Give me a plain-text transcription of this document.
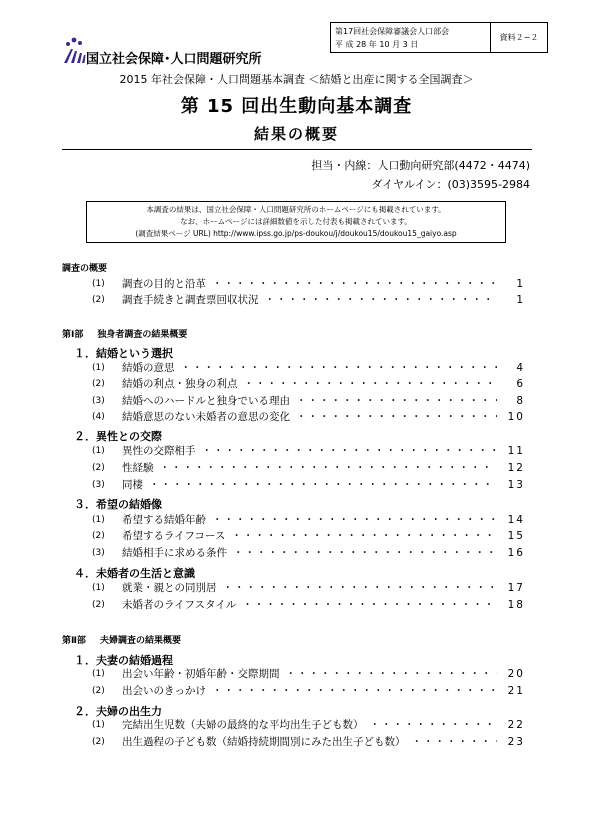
第17回社会保障審議会人口部会
平 成 28 年 10 月 3 日
資料２−２
国立社会保障･人口問題研究所
2015 年社会保障・人口問題基本調査 ＜結婚と出産に関する全国調査＞
第 15 回出生動向基本調査
結果の概要
担当・内線：人口動向研究部(4472・4474)
ダイヤルイン：(03)3595-2984
本調査の結果は、国立社会保障・人口問題研究所のホームページにも掲載されています。
なお、ホームページには詳細数値を示した付表も掲載されています。
(調査結果ページ URL) http://www.ipss.go.jp/ps-doukou/j/doukou15/doukou15_gaiyo.asp
調査の概要
(1)	調査の目的と沿革 ・・・・・・・・・・・・・・・・・・・・・・・・・・・・・・・・・・・・・・・・・・・・・・・・・・・・・・・・・・・・	1
(2)	調査手続きと調査票回収状況 ・・・・・・・・・・・・・・・・・・・・・・・・・・・・・・・・・・・・・・・・・・・・・・・・・・・・・・・・・・・・	1
第Ⅰ部 独身者調査の結果概要
１．結婚という選択
(1)	結婚の意思 ・・・・・・・・・・・・・・・・・・・・・・・・・・・・・・・・・・・・・・・・・・・・・・・・・・・・・・・・・・・・	4
(2)	結婚の利点・独身の利点 ・・・・・・・・・・・・・・・・・・・・・・・・・・・・・・・・・・・・・・・・・・・・・・・・・・・・・・・・・・・・	6
(3)	結婚へのハードルと独身でいる理由 ・・・・・・・・・・・・・・・・・・・・・・・・・・・・・・・・・・・・・・・・・・・・・・・・・・・・・・・・・・・・	8
(4)	結婚意思のない未婚者の意思の変化 ・・・・・・・・・・・・・・・・・・・・・・・・・・・・・・・・・・・・・・・・・・・・・・・・・・・・・・・・・・・・	10
２．異性との交際
(1)	異性の交際相手 ・・・・・・・・・・・・・・・・・・・・・・・・・・・・・・・・・・・・・・・・・・・・・・・・・・・・・・・・・・・・	11
(2)	性経験 ・・・・・・・・・・・・・・・・・・・・・・・・・・・・・・・・・・・・・・・・・・・・・・・・・・・・・・・・・・・・	12
(3)	同棲 ・・・・・・・・・・・・・・・・・・・・・・・・・・・・・・・・・・・・・・・・・・・・・・・・・・・・・・・・・・・・	13
３．希望の結婚像
(1)	希望する結婚年齢 ・・・・・・・・・・・・・・・・・・・・・・・・・・・・・・・・・・・・・・・・・・・・・・・・・・・・・・・・・・・・	14
(2)	希望するライフコース ・・・・・・・・・・・・・・・・・・・・・・・・・・・・・・・・・・・・・・・・・・・・・・・・・・・・・・・・・・・・	15
(3)	結婚相手に求める条件 ・・・・・・・・・・・・・・・・・・・・・・・・・・・・・・・・・・・・・・・・・・・・・・・・・・・・・・・・・・・・	16
４．未婚者の生活と意識
(1)	就業・親との同別居 ・・・・・・・・・・・・・・・・・・・・・・・・・・・・・・・・・・・・・・・・・・・・・・・・・・・・・・・・・・・・	17
(2)	未婚者のライフスタイル ・・・・・・・・・・・・・・・・・・・・・・・・・・・・・・・・・・・・・・・・・・・・・・・・・・・・・・・・・・・・	18
第Ⅱ部 夫婦調査の結果概要
１．夫妻の結婚過程
(1)	出会い年齢・初婚年齢・交際期間 ・・・・・・・・・・・・・・・・・・・・・・・・・・・・・・・・・・・・・・・・・・・・・・・・・・・・・・・・・・・・	20
(2)	出会いのきっかけ ・・・・・・・・・・・・・・・・・・・・・・・・・・・・・・・・・・・・・・・・・・・・・・・・・・・・・・・・・・・・	21
２．夫婦の出生力
(1)	完結出生児数（夫婦の最終的な平均出生子ども数） ・・・・・・・・・・・・・・・・・・・・・・・・・・・・・・・・・・・・・・・・・・・・・・・・・・・・・・・・・・・・	22
(2)	出生過程の子ども数（結婚持続期間別にみた出生子ども数） ・・・・・・・・・・・・・・・・・・・・・・・・・・・・・・・・・・・・・・・・・・・・・・・・・・・・・・・・・・・・	23
